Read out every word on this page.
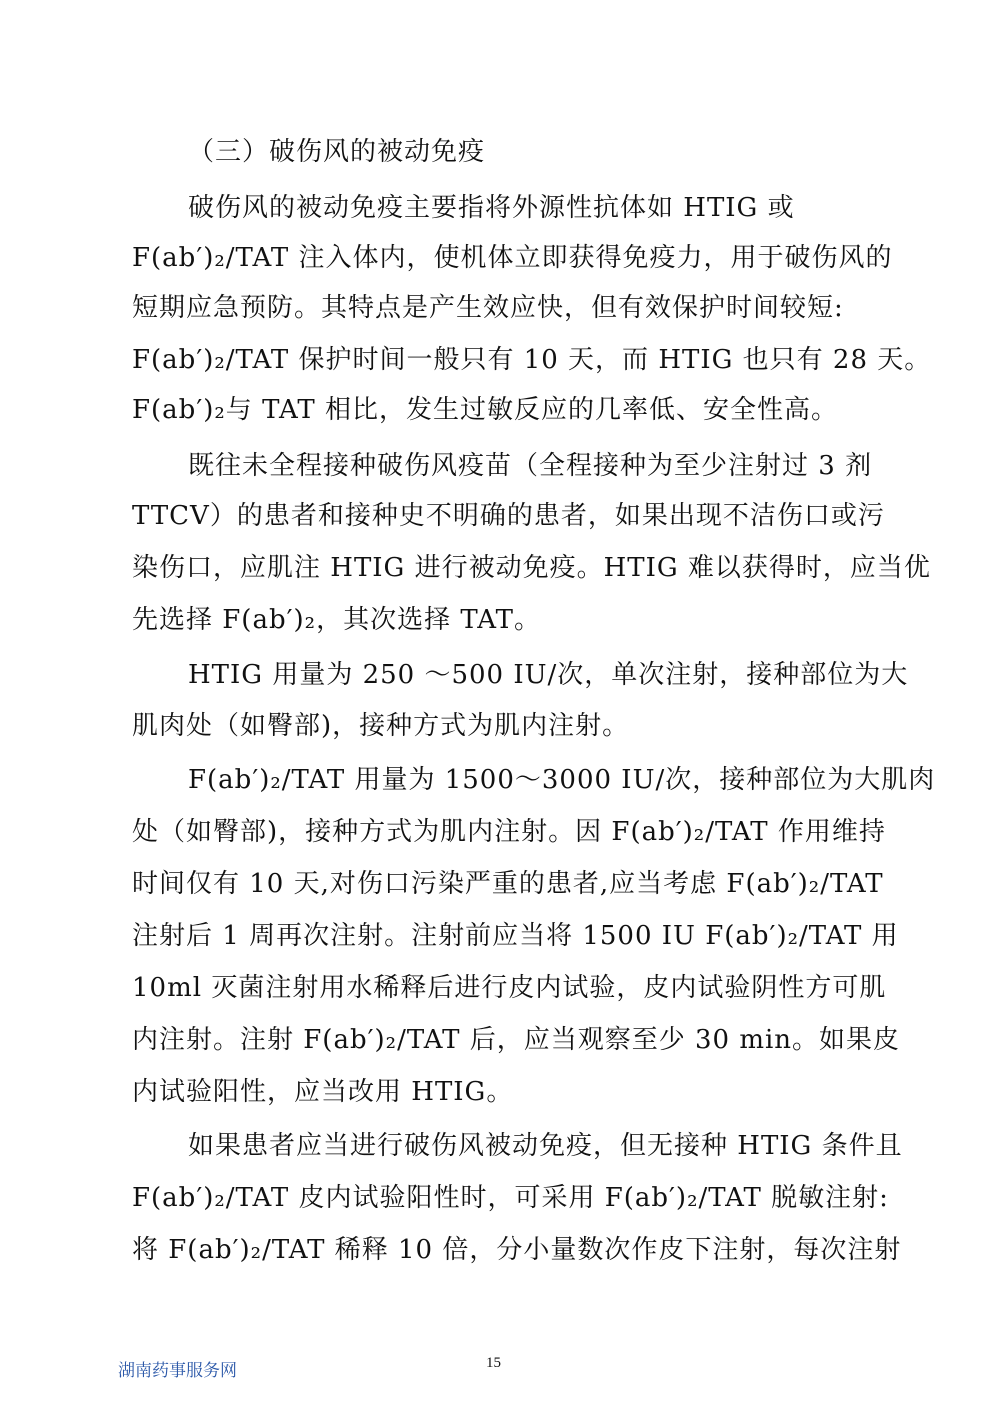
（三）破伤风的被动免疫
破伤风的被动免疫主要指将外源性抗体如 HTIG 或
F(ab′)₂/TAT 注入体内，使机体立即获得免疫力，用于破伤风的
短期应急预防。其特点是产生效应快，但有效保护时间较短:
F(ab′)₂/TAT 保护时间一般只有 10 天，而 HTIG 也只有 28 天。
F(ab′)₂与 TAT 相比，发生过敏反应的几率低、安全性高。
既往未全程接种破伤风疫苗（全程接种为至少注射过 3 剂
TTCV）的患者和接种史不明确的患者，如果出现不洁伤口或污
染伤口，应肌注 HTIG 进行被动免疫。HTIG 难以获得时，应当优
先选择 F(ab′)₂，其次选择 TAT。
HTIG 用量为 250 ～500 IU/次，单次注射，接种部位为大
肌肉处（如臀部)，接种方式为肌内注射。
F(ab′)₂/TAT 用量为 1500～3000 IU/次，接种部位为大肌肉
处（如臀部)，接种方式为肌内注射。因 F(ab′)₂/TAT 作用维持
时间仅有 10 天,对伤口污染严重的患者,应当考虑 F(ab′)₂/TAT
注射后 1 周再次注射。注射前应当将 1500 IU F(ab′)₂/TAT 用
10ml 灭菌注射用水稀释后进行皮内试验，皮内试验阴性方可肌
内注射。注射 F(ab′)₂/TAT 后，应当观察至少 30 min。如果皮
内试验阳性，应当改用 HTIG。
如果患者应当进行破伤风被动免疫，但无接种 HTIG 条件且
F(ab′)₂/TAT 皮内试验阳性时，可采用 F(ab′)₂/TAT 脱敏注射:
将 F(ab′)₂/TAT 稀释 10 倍，分小量数次作皮下注射，每次注射
湖南药事服务网	15
